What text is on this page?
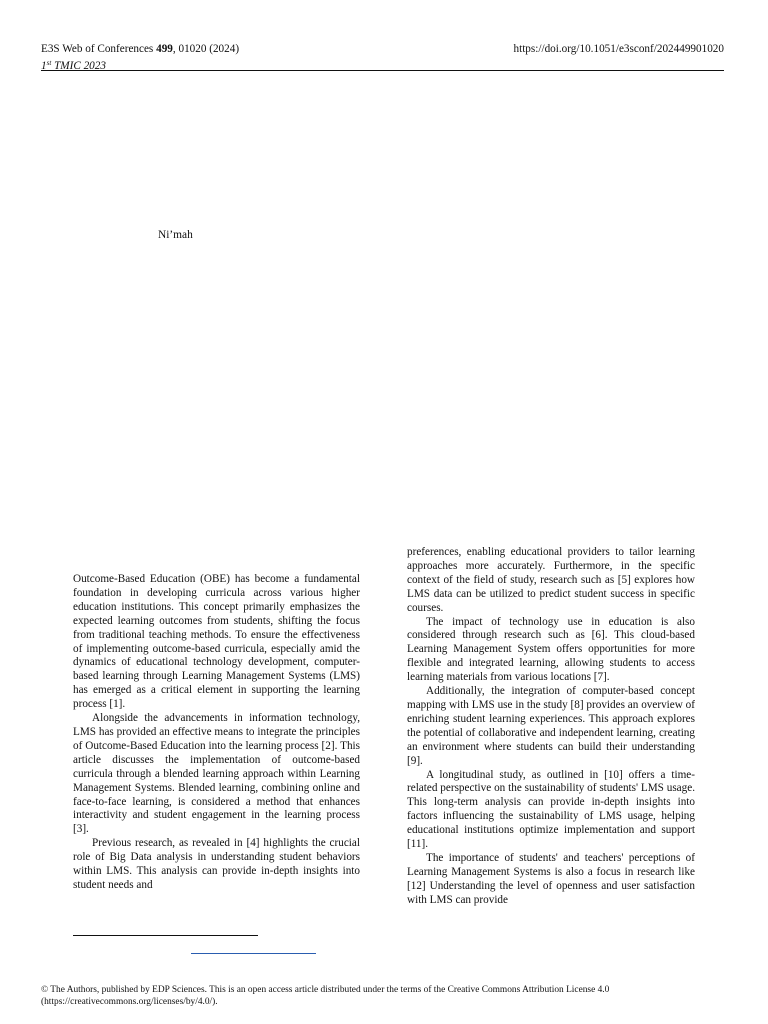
E3S Web of Conferences 499, 01020 (2024)
1st TMIC 2023
https://doi.org/10.1051/e3sconf/202449901020
Ni’mah

Outcome-Based Education (OBE) has become a fundamental foundation in developing curricula across various higher education institutions. This concept primarily emphasizes the expected learning outcomes from students, shifting the focus from traditional teaching methods. To ensure the effectiveness of implementing outcome-based curricula, especially amid the dynamics of educational technology development, computer-based learning through Learning Management Systems (LMS) has emerged as a critical element in supporting the learning process [1].

Alongside the advancements in information technology, LMS has provided an effective means to integrate the principles of Outcome-Based Education into the learning process [2]. This article discusses the implementation of outcome-based curricula through a blended learning approach within Learning Management Systems. Blended learning, combining online and face-to-face learning, is considered a method that enhances interactivity and student engagement in the learning process [3].

Previous research, as revealed in [4] highlights the crucial role of Big Data analysis in understanding student behaviors within LMS. This analysis can provide in-depth insights into student needs and

preferences, enabling educational providers to tailor learning approaches more accurately. Furthermore, in the specific context of the field of study, research such as [5] explores how LMS data can be utilized to predict student success in specific courses.

The impact of technology use in education is also considered through research such as [6]. This cloud-based Learning Management System offers opportunities for more flexible and integrated learning, allowing students to access learning materials from various locations [7].

Additionally, the integration of computer-based concept mapping with LMS use in the study [8] provides an overview of enriching student learning experiences. This approach explores the potential of collaborative and independent learning, creating an environment where students can build their understanding [9].

A longitudinal study, as outlined in [10] offers a time-related perspective on the sustainability of students' LMS usage. This long-term analysis can provide in-depth insights into factors influencing the sustainability of LMS usage, helping educational institutions optimize implementation and support [11].

The importance of students' and teachers' perceptions of Learning Management Systems is also a focus in research like [12] Understanding the level of openness and user satisfaction with LMS can provide

© The Authors, published by EDP Sciences. This is an open access article distributed under the terms of the Creative Commons Attribution License 4.0
(https://creativecommons.org/licenses/by/4.0/).
